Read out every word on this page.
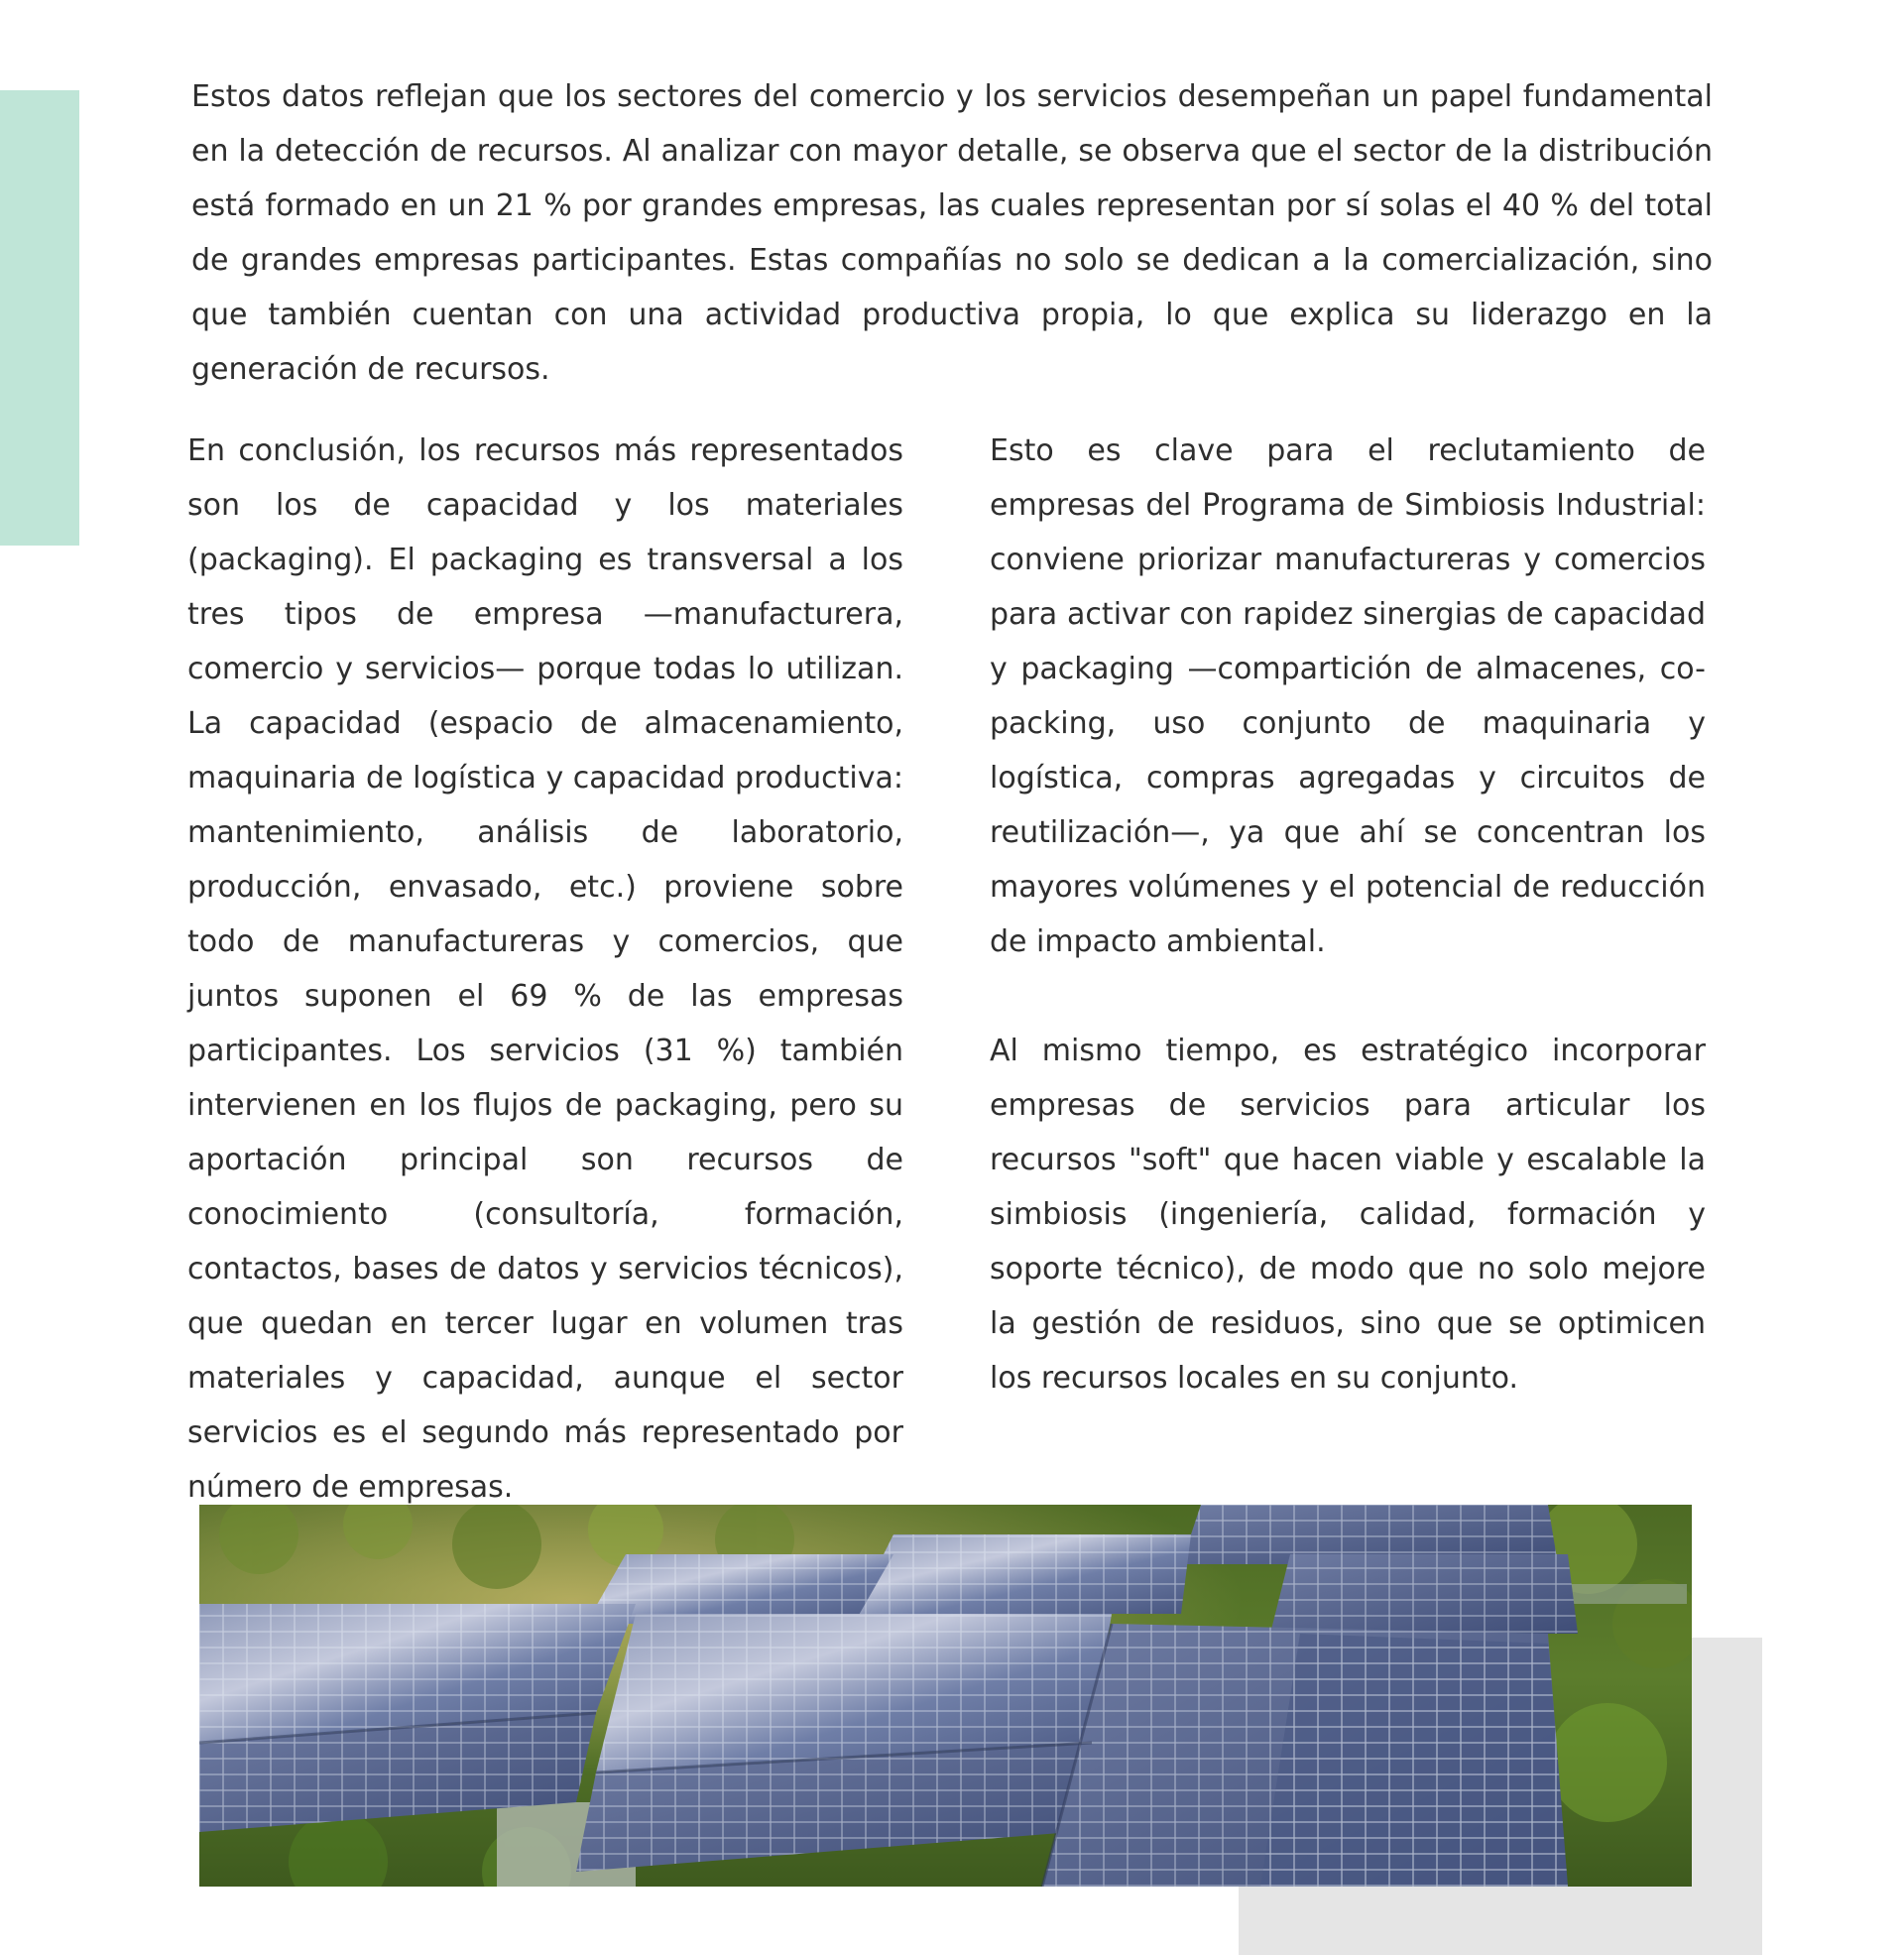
Estos datos reflejan que los sectores del comercio y los servicios desempeñan un papel fundamental en la detección de recursos. Al analizar con mayor detalle, se observa que el sector de la distribución está formado en un 21 % por grandes empresas, las cuales representan por sí solas el 40 % del total de grandes empresas participantes. Estas compañías no solo se dedican a la comercialización, sino que también cuentan con una actividad productiva propia, lo que explica su liderazgo en la generación de recursos.

En conclusión, los recursos más representados son los de capacidad y los materiales (packaging). El packaging es transversal a los tres tipos de empresa —manufacturera, comercio y servicios— porque todas lo utilizan. La capacidad (espacio de almacenamiento, maquinaria de logística y capacidad productiva: mantenimiento, análisis de laboratorio, producción, envasado, etc.) proviene sobre todo de manufactureras y comercios, que juntos suponen el 69 % de las empresas participantes. Los servicios (31 %) también intervienen en los flujos de packaging, pero su aportación principal son recursos de conocimiento (consultoría, formación, contactos, bases de datos y servicios técnicos), que quedan en tercer lugar en volumen tras materiales y capacidad, aunque el sector servicios es el segundo más representado por número de empresas.

Esto es clave para el reclutamiento de empresas del Programa de Simbiosis Industrial: conviene priorizar manufactureras y comercios para activar con rapidez sinergias de capacidad y packaging —compartición de almacenes, co-packing, uso conjunto de maquinaria y logística, compras agregadas y circuitos de reutilización—, ya que ahí se concentran los mayores volúmenes y el potencial de reducción de impacto ambiental.

Al mismo tiempo, es estratégico incorporar empresas de servicios para articular los recursos "soft" que hacen viable y escalable la simbiosis (ingeniería, calidad, formación y soporte técnico), de modo que no solo mejore la gestión de residuos, sino que se optimicen los recursos locales en su conjunto.
